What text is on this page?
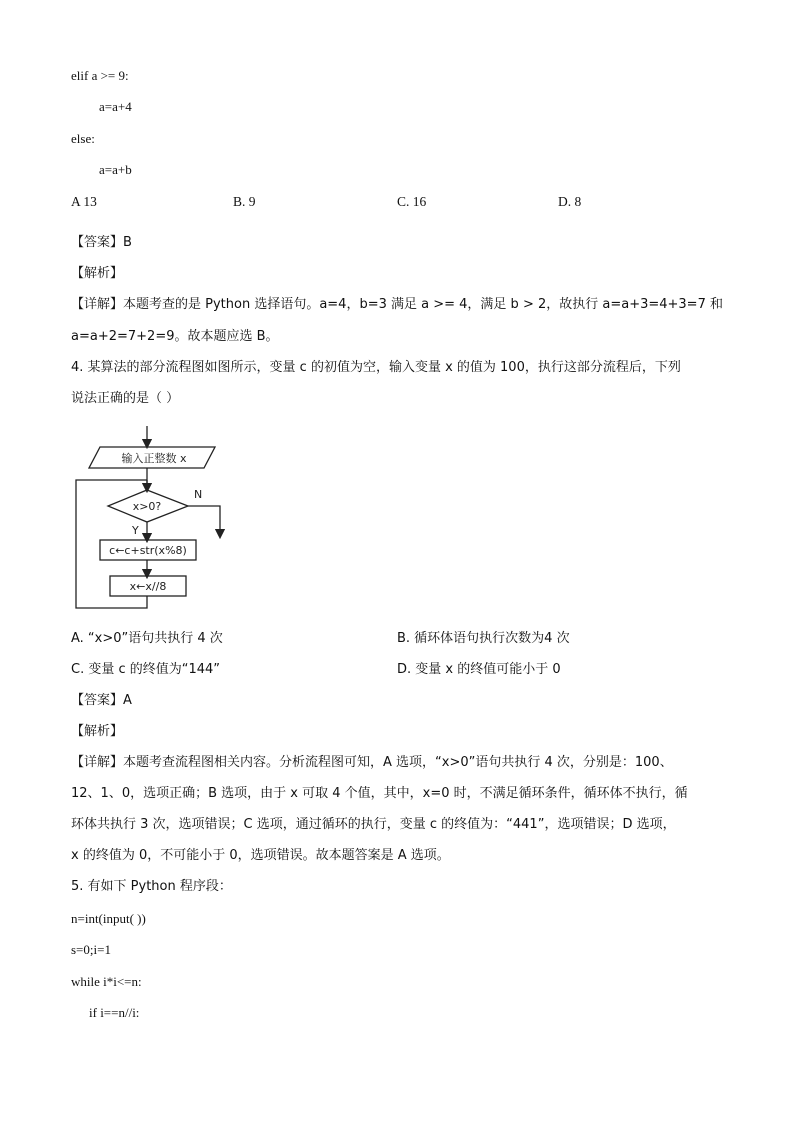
elif a >= 9:
a=a+4
else:
a=a+b
A 13	B. 9	C. 16	D. 8
【答案】B
【解析】
【详解】本题考查的是 Python 选择语句。a=4，b=3 满足 a >= 4，满足 b > 2，故执行 a=a+3=4+3=7 和
a=a+2=7+2=9。故本题应选 B。
4. 某算法的部分流程图如图所示，变量 c 的初值为空，输入变量 x 的值为 100，执行这部分流程后，下列
说法正确的是（ ）
输入正整数 x
x>0?
N
Y
c←c+str(x%8)
x←x//8
A. “x>0”语句共执行 4 次	B. 循环体语句执行次数为4 次
C. 变量 c 的终值为“144”	D. 变量 x 的终值可能小于 0
【答案】A
【解析】
【详解】本题考查流程图相关内容。分析流程图可知，A 选项，“x>0”语句共执行 4 次，分别是：100、
12、1、0，选项正确；B 选项，由于 x 可取 4 个值，其中，x=0 时，不满足循环条件，循环体不执行，循
环体共执行 3 次，选项错误；C 选项，通过循环的执行，变量 c 的终值为：“441”，选项错误；D 选项，
x 的终值为 0，不可能小于 0，选项错误。故本题答案是 A 选项。
5. 有如下 Python 程序段：
n=int(input( ))
s=0;i=1
while i*i<=n:
if i==n//i:
